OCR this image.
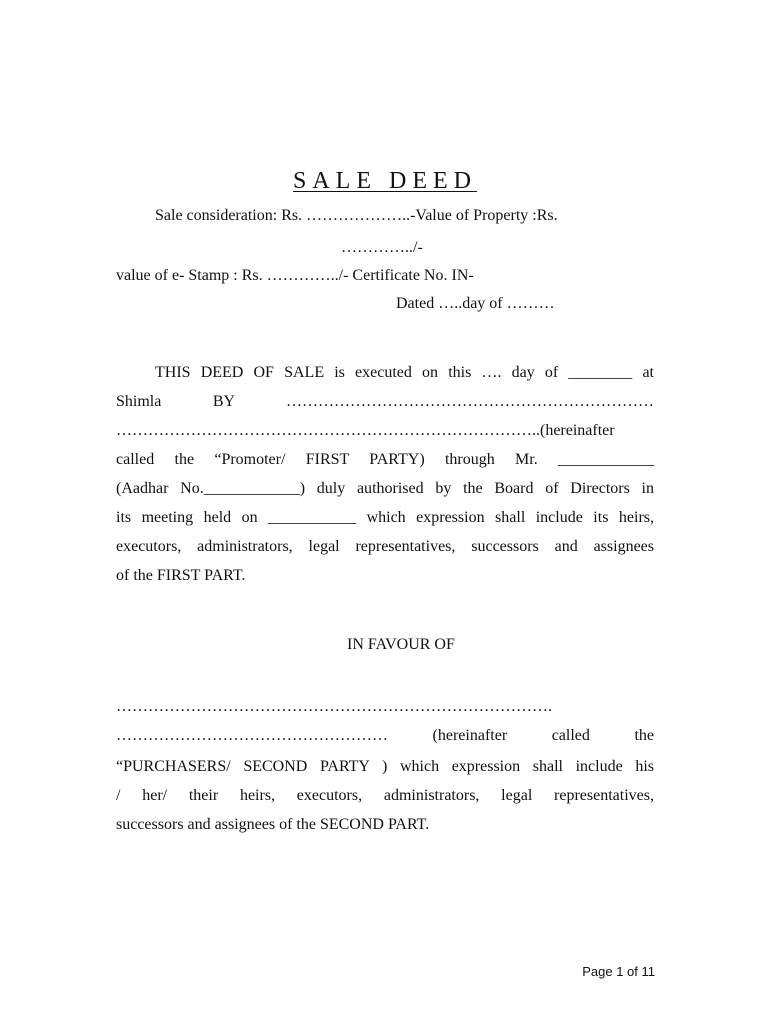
SALE DEED
Sale consideration: Rs. ………………..-Value of Property :Rs.
…………../-
value of e- Stamp : Rs. …………../- Certificate No. IN-
Dated …..day of ………
THIS DEED OF SALE is executed on this …. day of ________ at
Shimla BY ……………………………………………………………
……………………………………………………………………..(hereinafter
called the “Promoter/ FIRST PARTY) through Mr. ____________
(Aadhar No.____________) duly authorised by the Board of Directors in
its meeting held on ___________ which expression shall include its heirs,
executors, administrators, legal representatives, successors and assignees
of the FIRST PART.
IN FAVOUR OF
……………………………………………………………………….
…………………………………………… (hereinafter called the
“PURCHASERS/ SECOND PARTY ) which expression shall include his
/ her/ their heirs, executors, administrators, legal representatives,
successors and assignees of the SECOND PART.
Page 1 of 11
